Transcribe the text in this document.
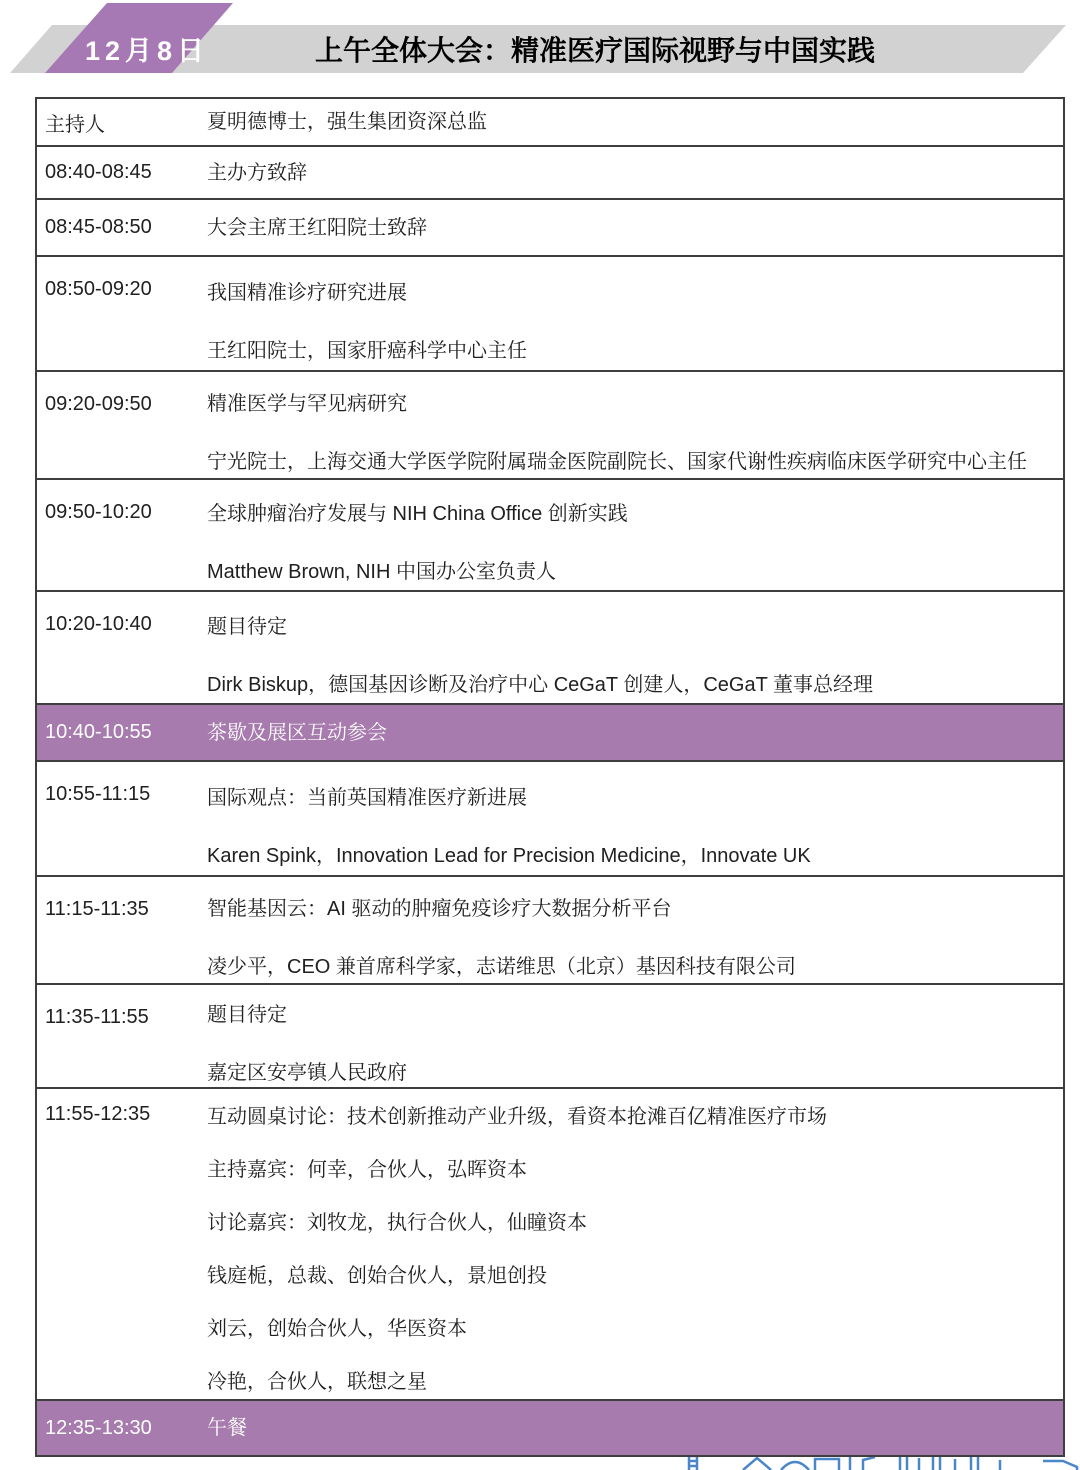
12月8日	上午全体大会：精准医疗国际视野与中国实践
主持人	夏明德博士，强生集团资深总监
08:40-08:45	主办方致辞
08:45-08:50	大会主席王红阳院士致辞
08:50-09:20	我国精准诊疗研究进展
王红阳院士，国家肝癌科学中心主任
09:20-09:50	精准医学与罕见病研究
宁光院士，上海交通大学医学院附属瑞金医院副院长、国家代谢性疾病临床医学研究中心主任
09:50-10:20	全球肿瘤治疗发展与 NIH China Office 创新实践
Matthew Brown, NIH 中国办公室负责人
10:20-10:40	题目待定
Dirk Biskup，德国基因诊断及治疗中心 CeGaT 创建人，CeGaT 董事总经理
10:40-10:55	茶歇及展区互动参会
10:55-11:15	国际观点：当前英国精准医疗新进展
Karen Spink，Innovation Lead for Precision Medicine，Innovate UK
11:15-11:35	智能基因云：AI 驱动的肿瘤免疫诊疗大数据分析平台
凌少平，CEO 兼首席科学家，志诺维思（北京）基因科技有限公司
11:35-11:55	题目待定
嘉定区安亭镇人民政府
11:55-12:35	互动圆桌讨论：技术创新推动产业升级，看资本抢滩百亿精准医疗市场
主持嘉宾：何幸，合伙人，弘晖资本
讨论嘉宾：刘牧龙，执行合伙人，仙瞳资本
钱庭栀，总裁、创始合伙人，景旭创投
刘云，创始合伙人，华医资本
冷艳，合伙人，联想之星
12:35-13:30	午餐
